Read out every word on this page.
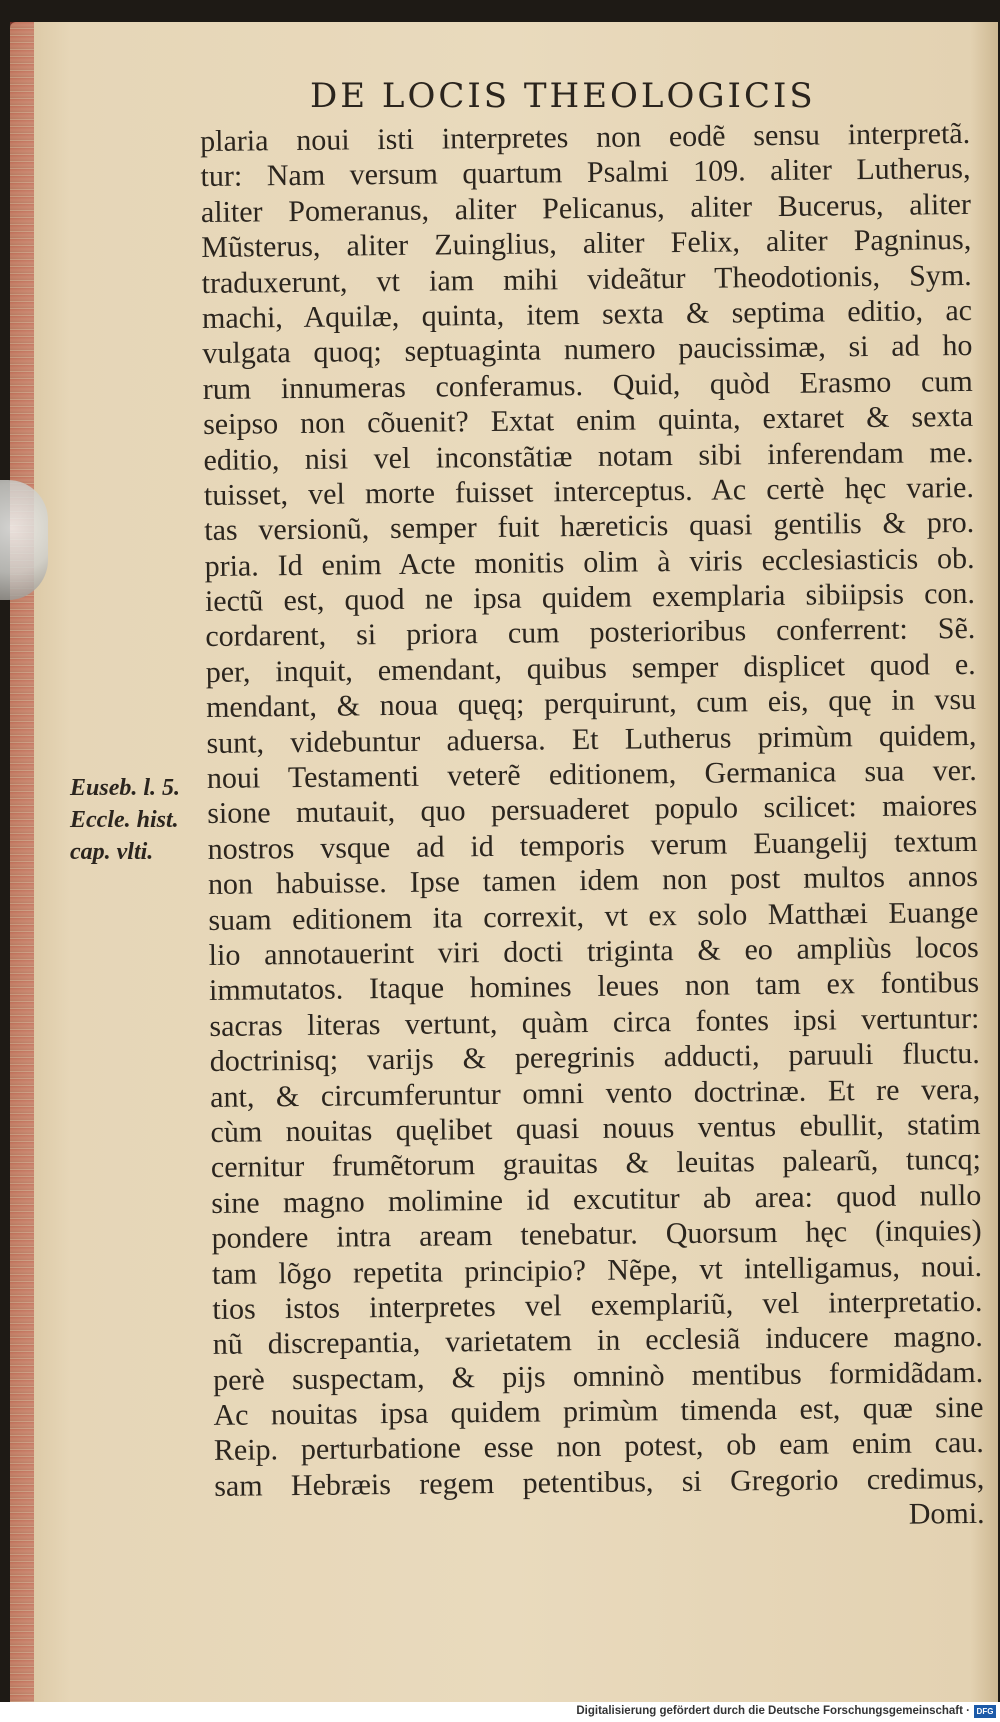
DE LOCIS THEOLOGICIS
plaria noui isti interpretes non eodẽ sensu interpretã.
tur: Nam versum quartum Psalmi 109. aliter Lutherus,
aliter Pomeranus, aliter Pelicanus, aliter Bucerus, aliter
Mũsterus, aliter Zuinglius, aliter Felix, aliter Pagninus,
traduxerunt, vt iam mihi videãtur Theodotionis, Sym.
machi, Aquilæ, quinta, item sexta & septima editio, ac
vulgata quoq; septuaginta numero paucissimæ, si ad ho
rum innumeras conferamus. Quid, quòd Erasmo cum
seipso non cõuenit? Extat enim quinta, extaret & sexta
editio, nisi vel inconstãtiæ notam sibi inferendam me.
tuisset, vel morte fuisset interceptus. Ac certè hęc varie.
tas versionũ, semper fuit hæreticis quasi gentilis & pro.
pria. Id enim Acte monitis olim à viris ecclesiasticis ob.
iectũ est, quod ne ipsa quidem exemplaria sibiipsis con.
cordarent, si priora cum posterioribus conferrent: Sẽ.
per, inquit, emendant, quibus semper displicet quod e.
mendant, & noua quęq; perquirunt, cum eis, quę in vsu
sunt, videbuntur aduersa. Et Lutherus primùm quidem,
noui Testamenti veterẽ editionem, Germanica sua ver.
sione mutauit, quo persuaderet populo scilicet: maiores
nostros vsque ad id temporis verum Euangelij textum
non habuisse. Ipse tamen idem non post multos annos
suam editionem ita correxit, vt ex solo Matthæi Euange
lio annotauerint viri docti triginta & eo ampliùs locos
immutatos. Itaque homines leues non tam ex fontibus
sacras literas vertunt, quàm circa fontes ipsi vertuntur:
doctrinisq; varijs & peregrinis adducti, paruuli fluctu.
ant, & circumferuntur omni vento doctrinæ. Et re vera,
cùm nouitas quęlibet quasi nouus ventus ebullit, statim
cernitur frumẽtorum grauitas & leuitas palearũ, tuncq;
sine magno molimine id excutitur ab area: quod nullo
pondere intra aream tenebatur. Quorsum hęc (inquies)
tam lõgo repetita principio? Nẽpe, vt intelligamus, noui.
tios istos interpretes vel exemplariũ, vel interpretatio.
nũ discrepantia, varietatem in ecclesiã inducere magno.
perè suspectam, & pijs omninò mentibus formidãdam.
Ac nouitas ipsa quidem primùm timenda est, quæ sine
Reip. perturbatione esse non potest, ob eam enim cau.
sam Hebræis regem petentibus, si Gregorio credimus,
Domi.
Euseb. l. 5.
Eccle. hist.
cap. vlti.
Digitalisierung gefördert durch die Deutsche Forschungsgemeinschaft · DFG
